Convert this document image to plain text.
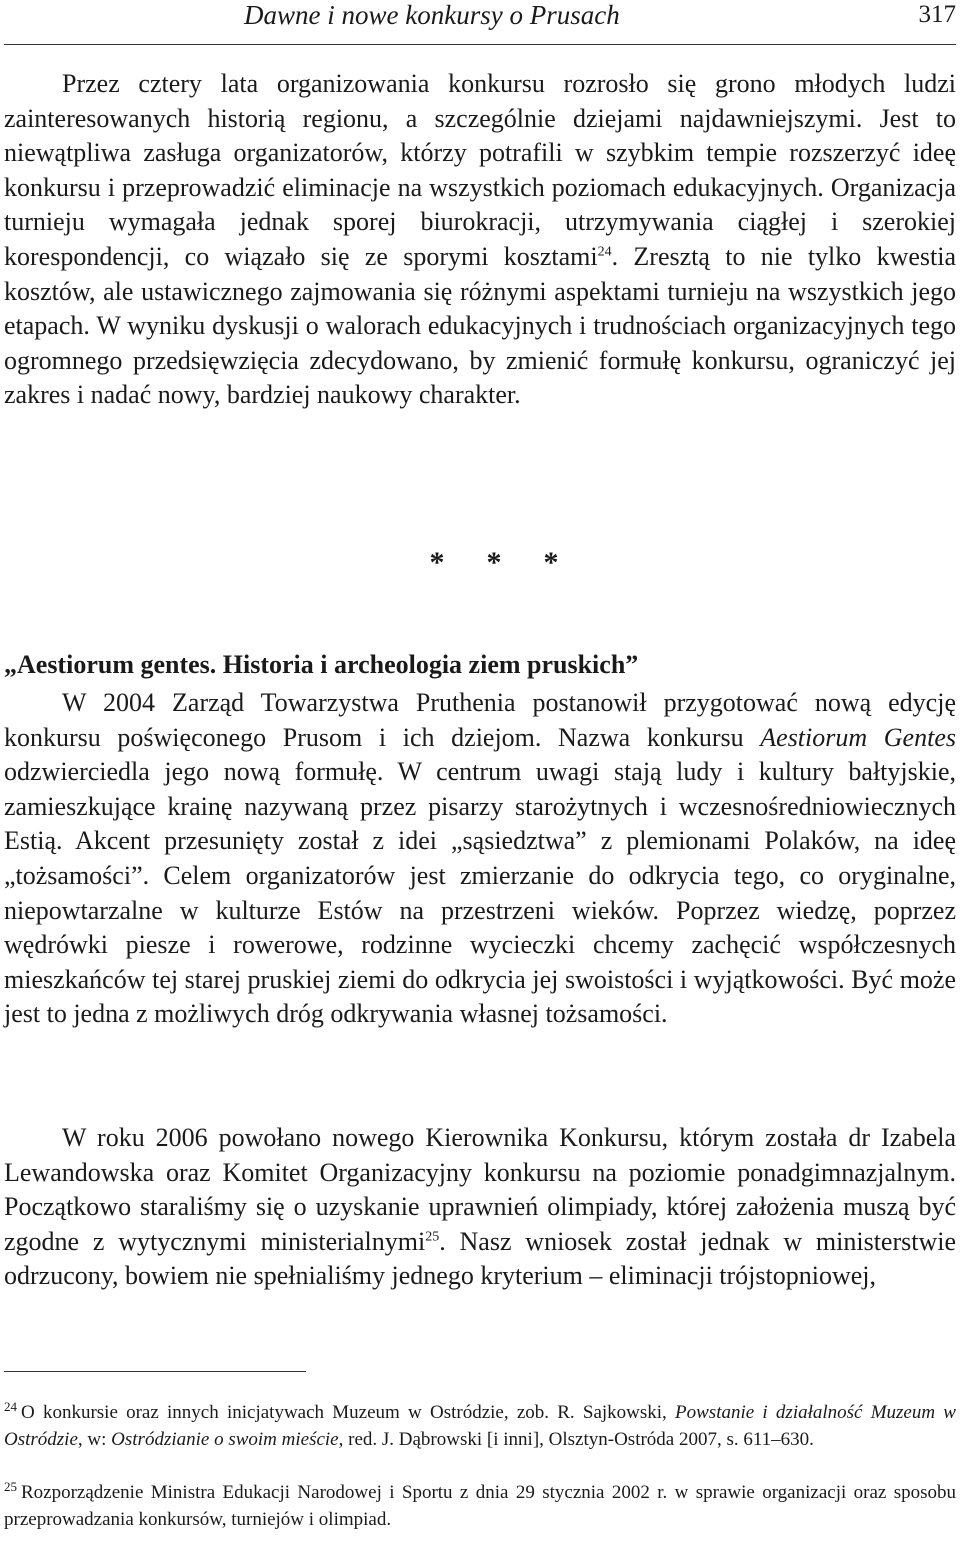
Dawne i nowe konkursy o Prusach	317

Przez cztery lata organizowania konkursu rozrosło się grono młodych ludzi zainteresowanych historią regionu, a szczególnie dziejami najdawniejszymi. Jest to niewątpliwa zasługa organizatorów, którzy potrafili w szybkim tempie rozszerzyć ideę konkursu i przeprowadzić eliminacje na wszystkich poziomach edukacyjnych. Organizacja turnieju wymagała jednak sporej biurokracji, utrzymywania ciągłej i szerokiej korespondencji, co wiązało się ze sporymi kosztami$^{24}$. Zresztą to nie tylko kwestia kosztów, ale ustawicznego zajmowania się różnymi aspektami turnieju na wszystkich jego etapach. W wyniku dyskusji o walorach edukacyjnych i trudnościach organizacyjnych tego ogromnego przedsięwzięcia zdecydowano, by zmienić formułę konkursu, ograniczyć jej zakres i nadać nowy, bardziej naukowy charakter.

* * *
„Aestiorum gentes. Historia i archeologia ziem pruskich”

W 2004 Zarząd Towarzystwa Pruthenia postanowił przygotować nową edycję konkursu poświęconego Prusom i ich dziejom. Nazwa konkursu Aestiorum Gentes odzwierciedla jego nową formułę. W centrum uwagi stają ludy i kultury bałtyjskie, zamieszkujące krainę nazywaną przez pisarzy starożytnych i wczesnośredniowiecznych Estią. Akcent przesunięty został z idei „sąsiedztwa” z plemionami Polaków, na ideę „tożsamości”. Celem organizatorów jest zmierzanie do odkrycia tego, co oryginalne, niepowtarzalne w kulturze Estów na przestrzeni wieków. Poprzez wiedzę, poprzez wędrówki piesze i rowerowe, rodzinne wycieczki chcemy zachęcić współczesnych mieszkańców tej starej pruskiej ziemi do odkrycia jej swoistości i wyjątkowości. Być może jest to jedna z możliwych dróg odkrywania własnej tożsamości.

W roku 2006 powołano nowego Kierownika Konkursu, którym została dr Izabela Lewandowska oraz Komitet Organizacyjny konkursu na poziomie ponadgimnazjalnym. Początkowo staraliśmy się o uzyskanie uprawnień olimpiady, której założenia muszą być zgodne z wytycznymi ministerialnymi$^{25}$. Nasz wniosek został jednak w ministerstwie odrzucony, bowiem nie spełnialiśmy jednego kryterium – eliminacji trójstopniowej,

$^{24}$ O konkursie oraz innych inicjatywach Muzeum w Ostródzie, zob. R. Sajkowski, Powstanie i działalność Muzeum w Ostródzie, w: Ostródzianie o swoim mieście, red. J. Dąbrowski [i inni], Olsztyn-Ostróda 2007, s. 611–630.

$^{25}$ Rozporządzenie Ministra Edukacji Narodowej i Sportu z dnia 29 stycznia 2002 r. w sprawie organizacji oraz sposobu przeprowadzania konkursów, turniejów i olimpiad.
